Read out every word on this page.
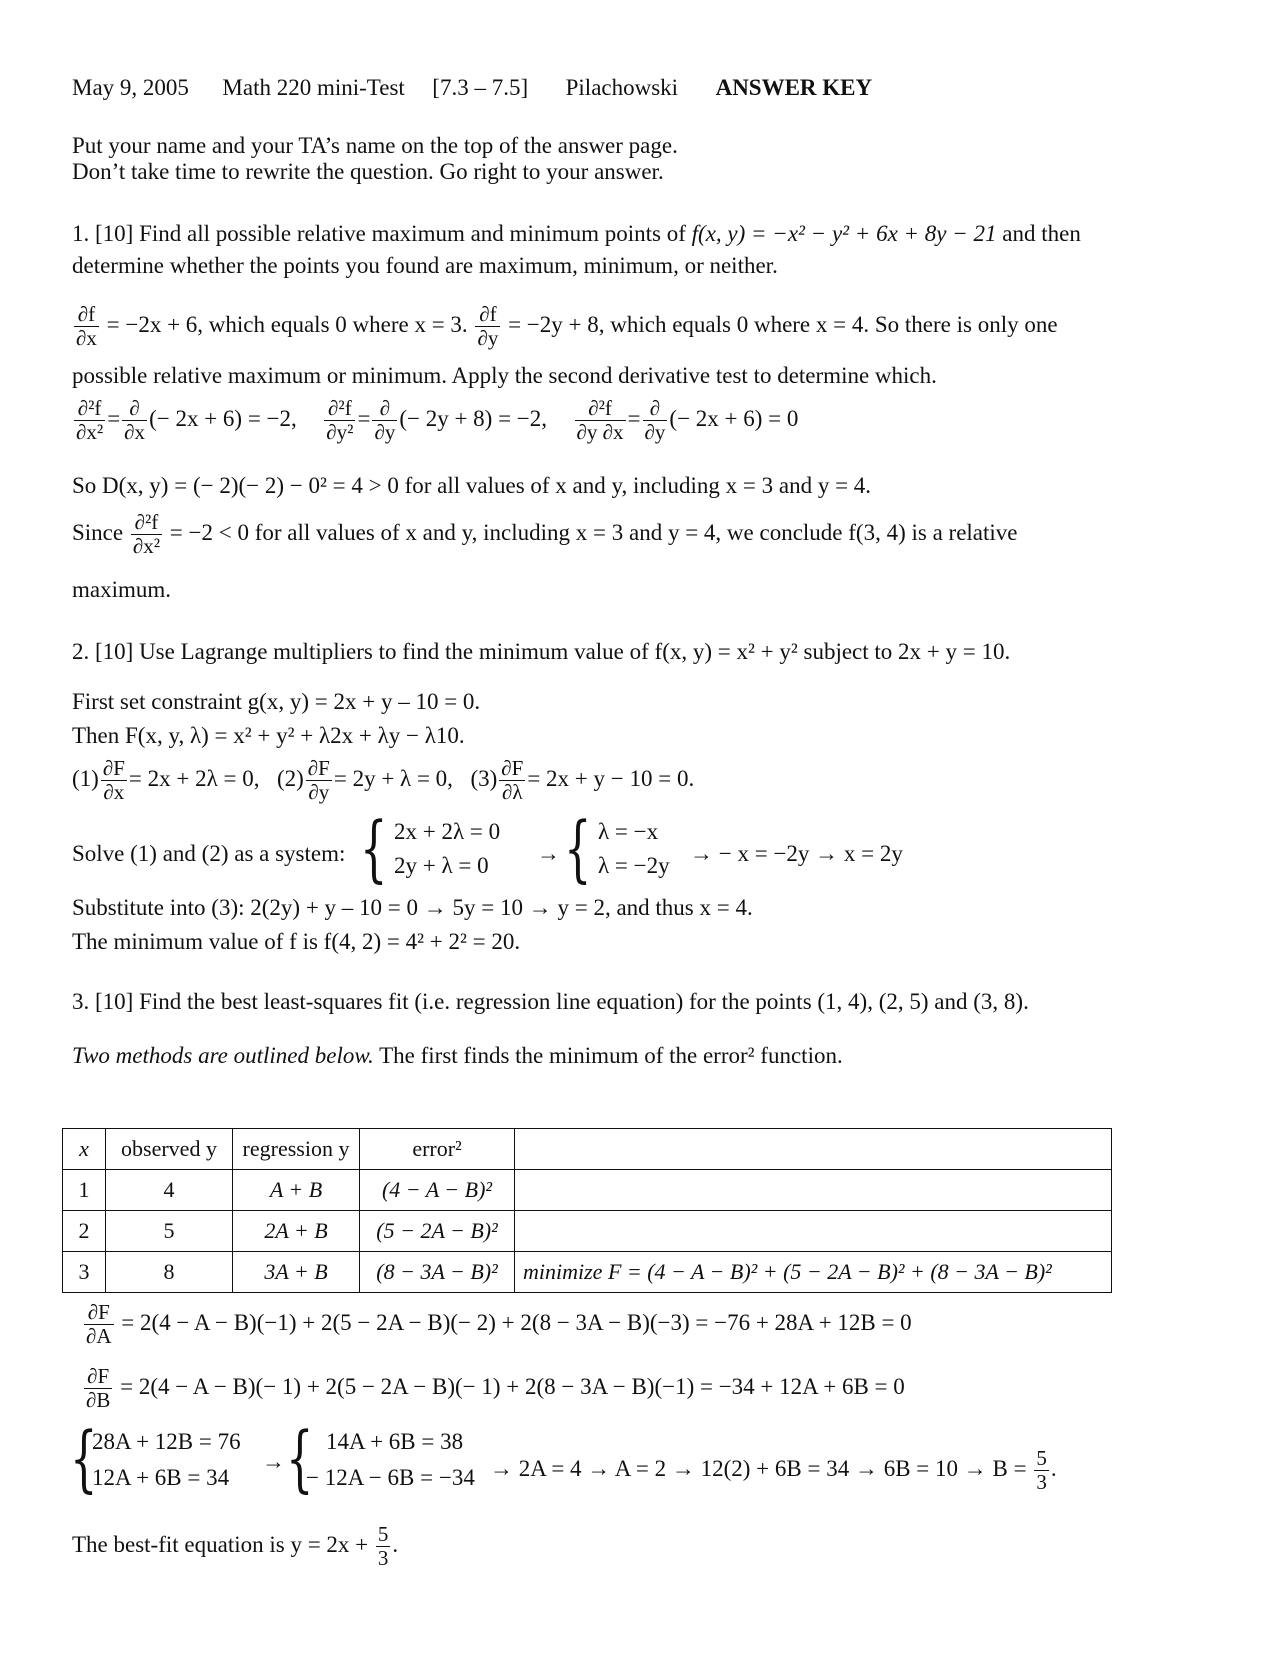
May 9, 2005 Math 220 mini-Test [7.3 – 7.5] Pilachowski ANSWER KEY
Put your name and your TA’s name on the top of the answer page.
Don’t take time to rewrite the question. Go right to your answer.
1. [10] Find all possible relative maximum and minimum points of f(x, y) = −x² − y² + 6x + 8y − 21 and then
determine whether the points you found are maximum, minimum, or neither.
$\frac{\partial f}{\partial x} = -2x + 6$, which equals 0 where x = 3. $\frac{\partial f}{\partial y} = -2y + 8$, which equals 0 where x = 4. So there is only one
possible relative maximum or minimum. Apply the second derivative test to determine which.
$\frac{\text{∂²f}}{\text{∂x²}}$ = ∂
∂x
(− 2x + 6) = −2, $\frac{\text{∂²f}}{\text{∂y²}}$ = ∂
∂y
(− 2y + 8) = −2, $\frac{\text{∂²f}}{\partial y \partial x}$ = ∂
∂y
(− 2x + 6) = 0
So D(x, y) = (− 2)(− 2) − 0² = 4 > 0 for all values of x and y, including x = 3 and y = 4.
Since $\frac{\text{∂²f}}{\text{∂x²}} = -2 < 0$ for all values of x and y, including x = 3 and y = 4, we conclude f(3, 4) is a relative
maximum.
2. [10] Use Lagrange multipliers to find the minimum value of f(x, y) = x² + y² subject to 2x + y = 10.
First set constraint g(x, y) = 2x + y – 10 = 0.
Then F(x, y, λ) = x² + y² + λ2x + λy − λ10.
$(1) \frac{\partial F}{\partial x} = 2x + 2\lambda = 0$, $(2) \frac{\partial F}{\partial y} = 2y + \lambda = 0$, $(3) \frac{\partial F}{\partial\lambda} = 2x + y - 10 = 0$.
Solve (1) and (2) as a system: { 2x + 2λ = 0
2y + λ = 0 → { λ = −x
λ = −2y → − x = −2y → x = 2y
Substitute into (3): 2(2y) + y – 10 = 0 → 5y = 10 → y = 2, and thus x = 4.
The minimum value of f is f(4, 2) = 4² + 2² = 20.
3. [10] Find the best least-squares fit (i.e. regression line equation) for the points (1, 4), (2, 5) and (3, 8).
Two methods are outlined below. The first finds the minimum of the error² function.
x	observed y	regression y	error²	
1	4	A + B	(4 − A − B)²	
2	5	2A + B	(5 − 2A − B)²	
3	8	3A + B	(8 − 3A − B)²	minimize F = (4 − A − B)² + (5 − 2A − B)² + (8 − 3A − B)²
$\frac{\partial F}{\partial A} = 2(4 - A - B)(-1) + 2(5 - 2A - B)(- 2) + 2(8 - 3A - B)(-3) = -76 + 28A + 12B = 0$
$\frac{\partial F}{\partial B} = 2(4 - A - B)(- 1) + 2(5 - 2A - B)(- 1) + 2(8 - 3A - B)(-1) = -34 + 12A + 6B = 0$
{
28A + 12B = 76
12A + 6B = 34
→ { 14A + 6B = 38
− $12A - 6B = -34 \to 2A = 4 \to A = 2 \to 12(2) + 6B = 34 \to 6B = 10 \to B = \frac{5}{3}$ .
The best-fit equation is $y = 2x + \frac{5}{3}$ .
